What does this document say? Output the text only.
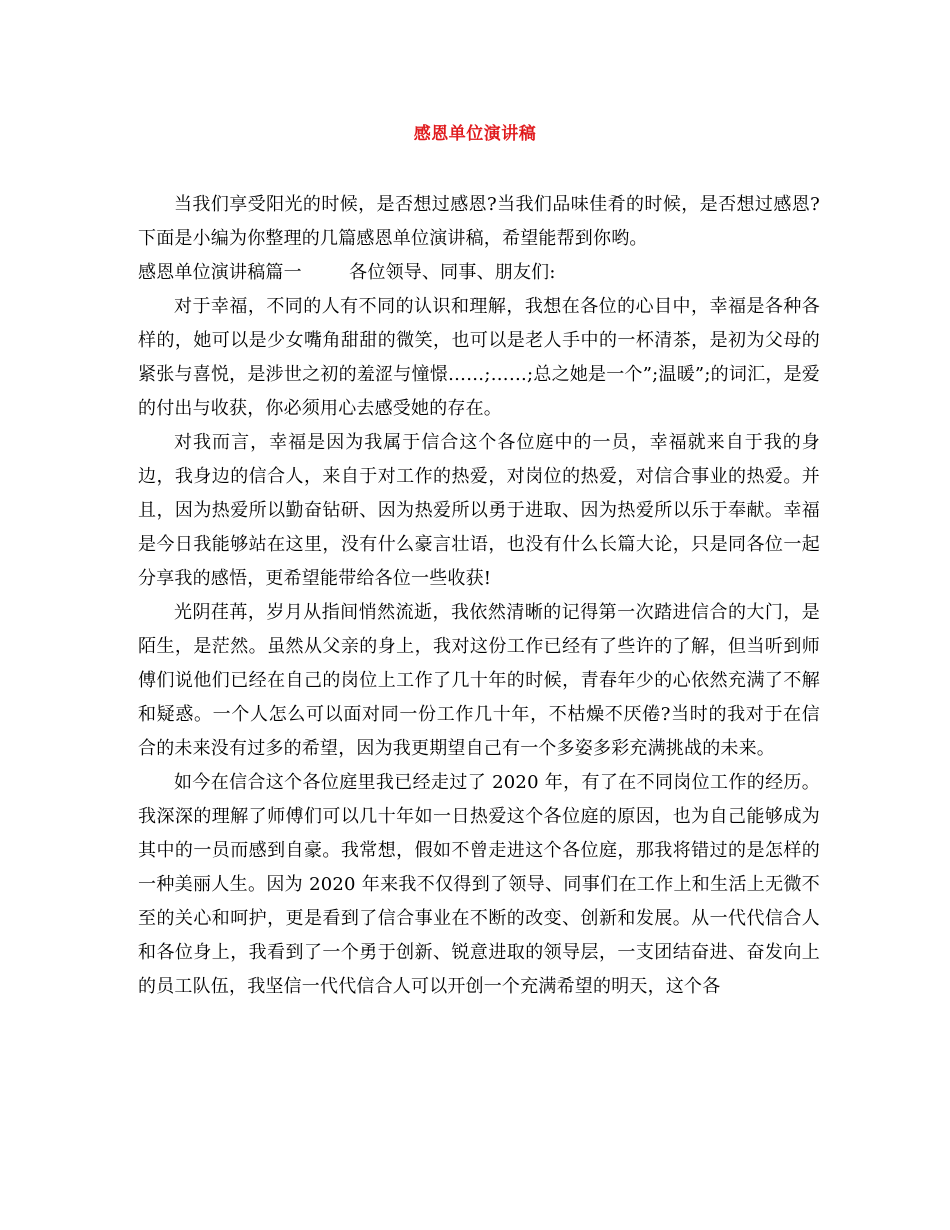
感恩单位演讲稿

当我们享受阳光的时候，是否想过感恩?当我们品味佳肴的时候，是否想过感恩?下面是小编为你整理的几篇感恩单位演讲稿，希望能帮到你哟。

感恩单位演讲稿篇一        各位领导、同事、朋友们:

对于幸福，不同的人有不同的认识和理解，我想在各位的心目中，幸福是各种各样的，她可以是少女嘴角甜甜的微笑，也可以是老人手中的一杯清茶，是初为父母的紧张与喜悦，是涉世之初的羞涩与憧憬……;……;总之她是一个”;温暖”;的词汇，是爱的付出与收获，你必须用心去感受她的存在。

对我而言，幸福是因为我属于信合这个各位庭中的一员，幸福就来自于我的身边，我身边的信合人，来自于对工作的热爱，对岗位的热爱，对信合事业的热爱。并且，因为热爱所以勤奋钻研、因为热爱所以勇于进取、因为热爱所以乐于奉献。幸福是今日我能够站在这里，没有什么豪言壮语，也没有什么长篇大论，只是同各位一起分享我的感悟，更希望能带给各位一些收获!

光阴荏苒，岁月从指间悄然流逝，我依然清晰的记得第一次踏进信合的大门，是陌生，是茫然。虽然从父亲的身上，我对这份工作已经有了些许的了解，但当听到师傅们说他们已经在自己的岗位上工作了几十年的时候，青春年少的心依然充满了不解和疑惑。一个人怎么可以面对同一份工作几十年，不枯燥不厌倦?当时的我对于在信合的未来没有过多的希望，因为我更期望自己有一个多姿多彩充满挑战的未来。

如今在信合这个各位庭里我已经走过了 2020 年，有了在不同岗位工作的经历。我深深的理解了师傅们可以几十年如一日热爱这个各位庭的原因，也为自己能够成为其中的一员而感到自豪。我常想，假如不曾走进这个各位庭，那我将错过的是怎样的一种美丽人生。因为 2020 年来我不仅得到了领导、同事们在工作上和生活上无微不至的关心和呵护，更是看到了信合事业在不断的改变、创新和发展。从一代代信合人和各位身上，我看到了一个勇于创新、锐意进取的领导层，一支团结奋进、奋发向上的员工队伍，我坚信一代代信合人可以开创一个充满希望的明天，这个各
